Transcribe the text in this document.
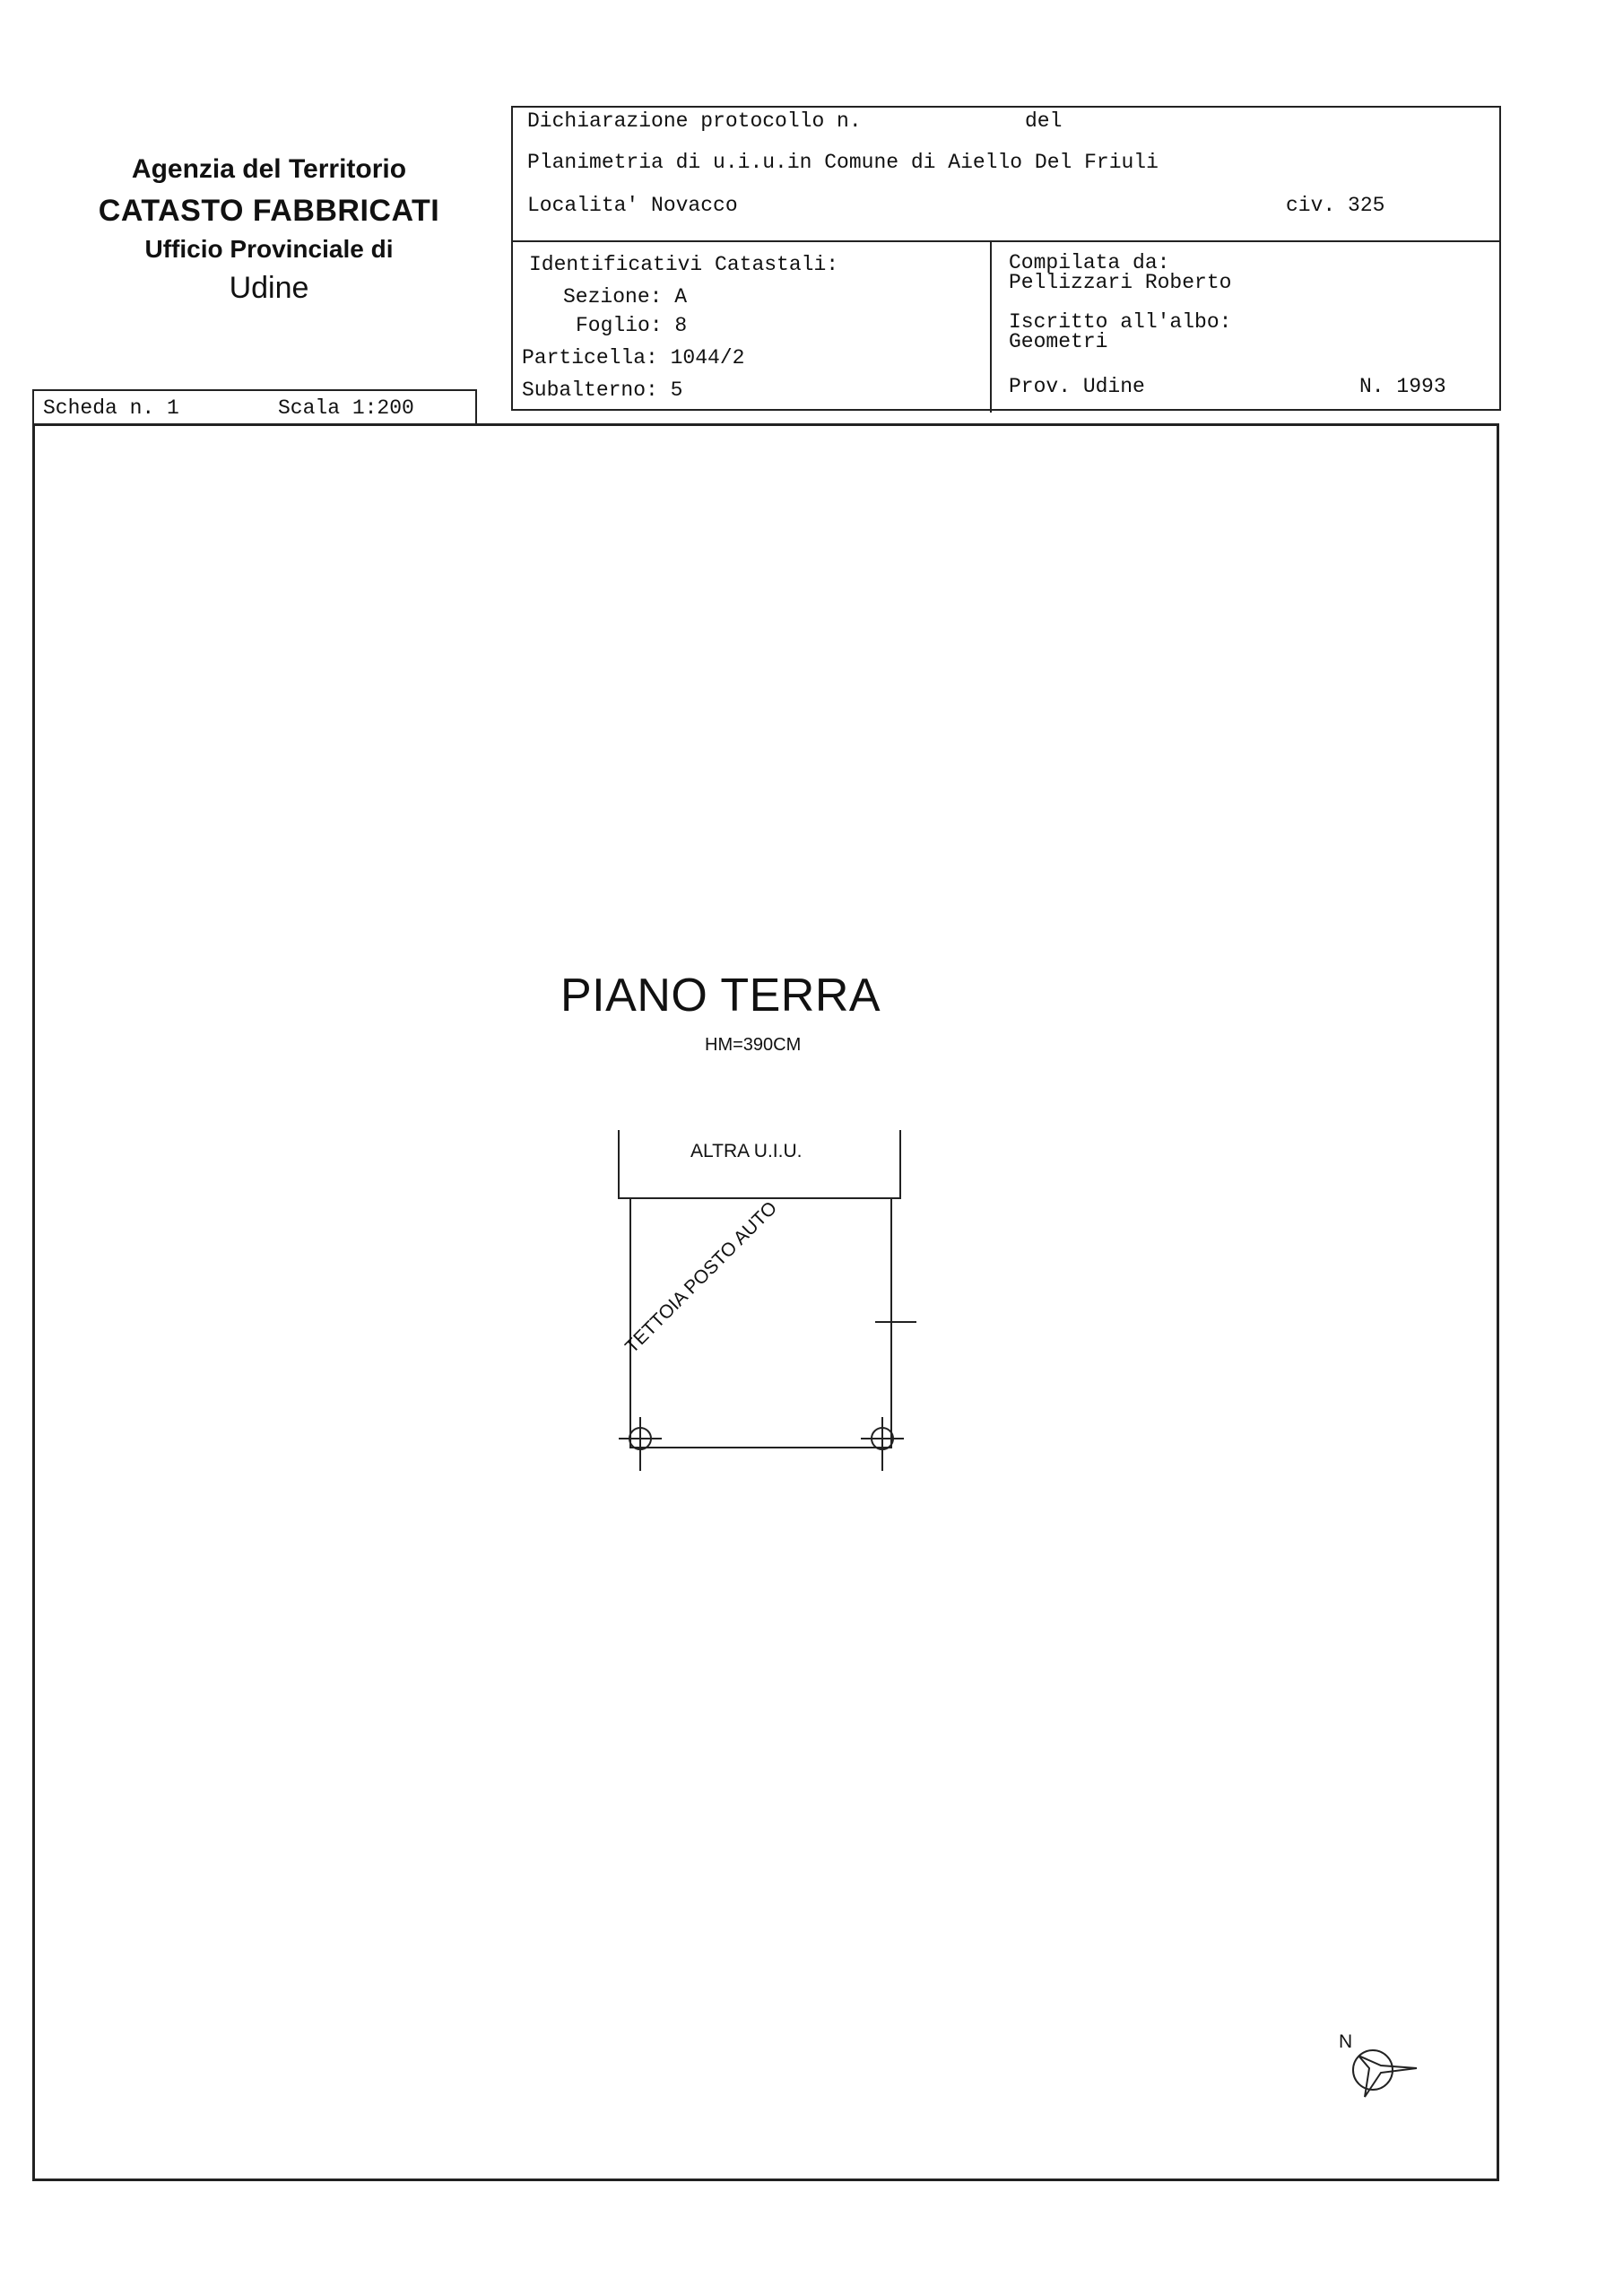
Agenzia del Territorio
CATASTO FABBRICATI
Ufficio Provinciale di
Udine
Dichiarazione protocollo n.	del
Planimetria di u.i.u.in Comune di Aiello Del Friuli
Localita' Novacco	civ. 325
Identificativi Catastali:
Sezione: A
Foglio: 8
Particella: 1044/2
Subalterno: 5
Compilata da:
Pellizzari Roberto
Iscritto all'albo:
Geometri
Prov. Udine	N. 1993
Scheda n. 1	Scala 1:200
PIANO TERRA
HM=390CM
ALTRA U.I.U.
TETTOIA POSTO AUTO
N
